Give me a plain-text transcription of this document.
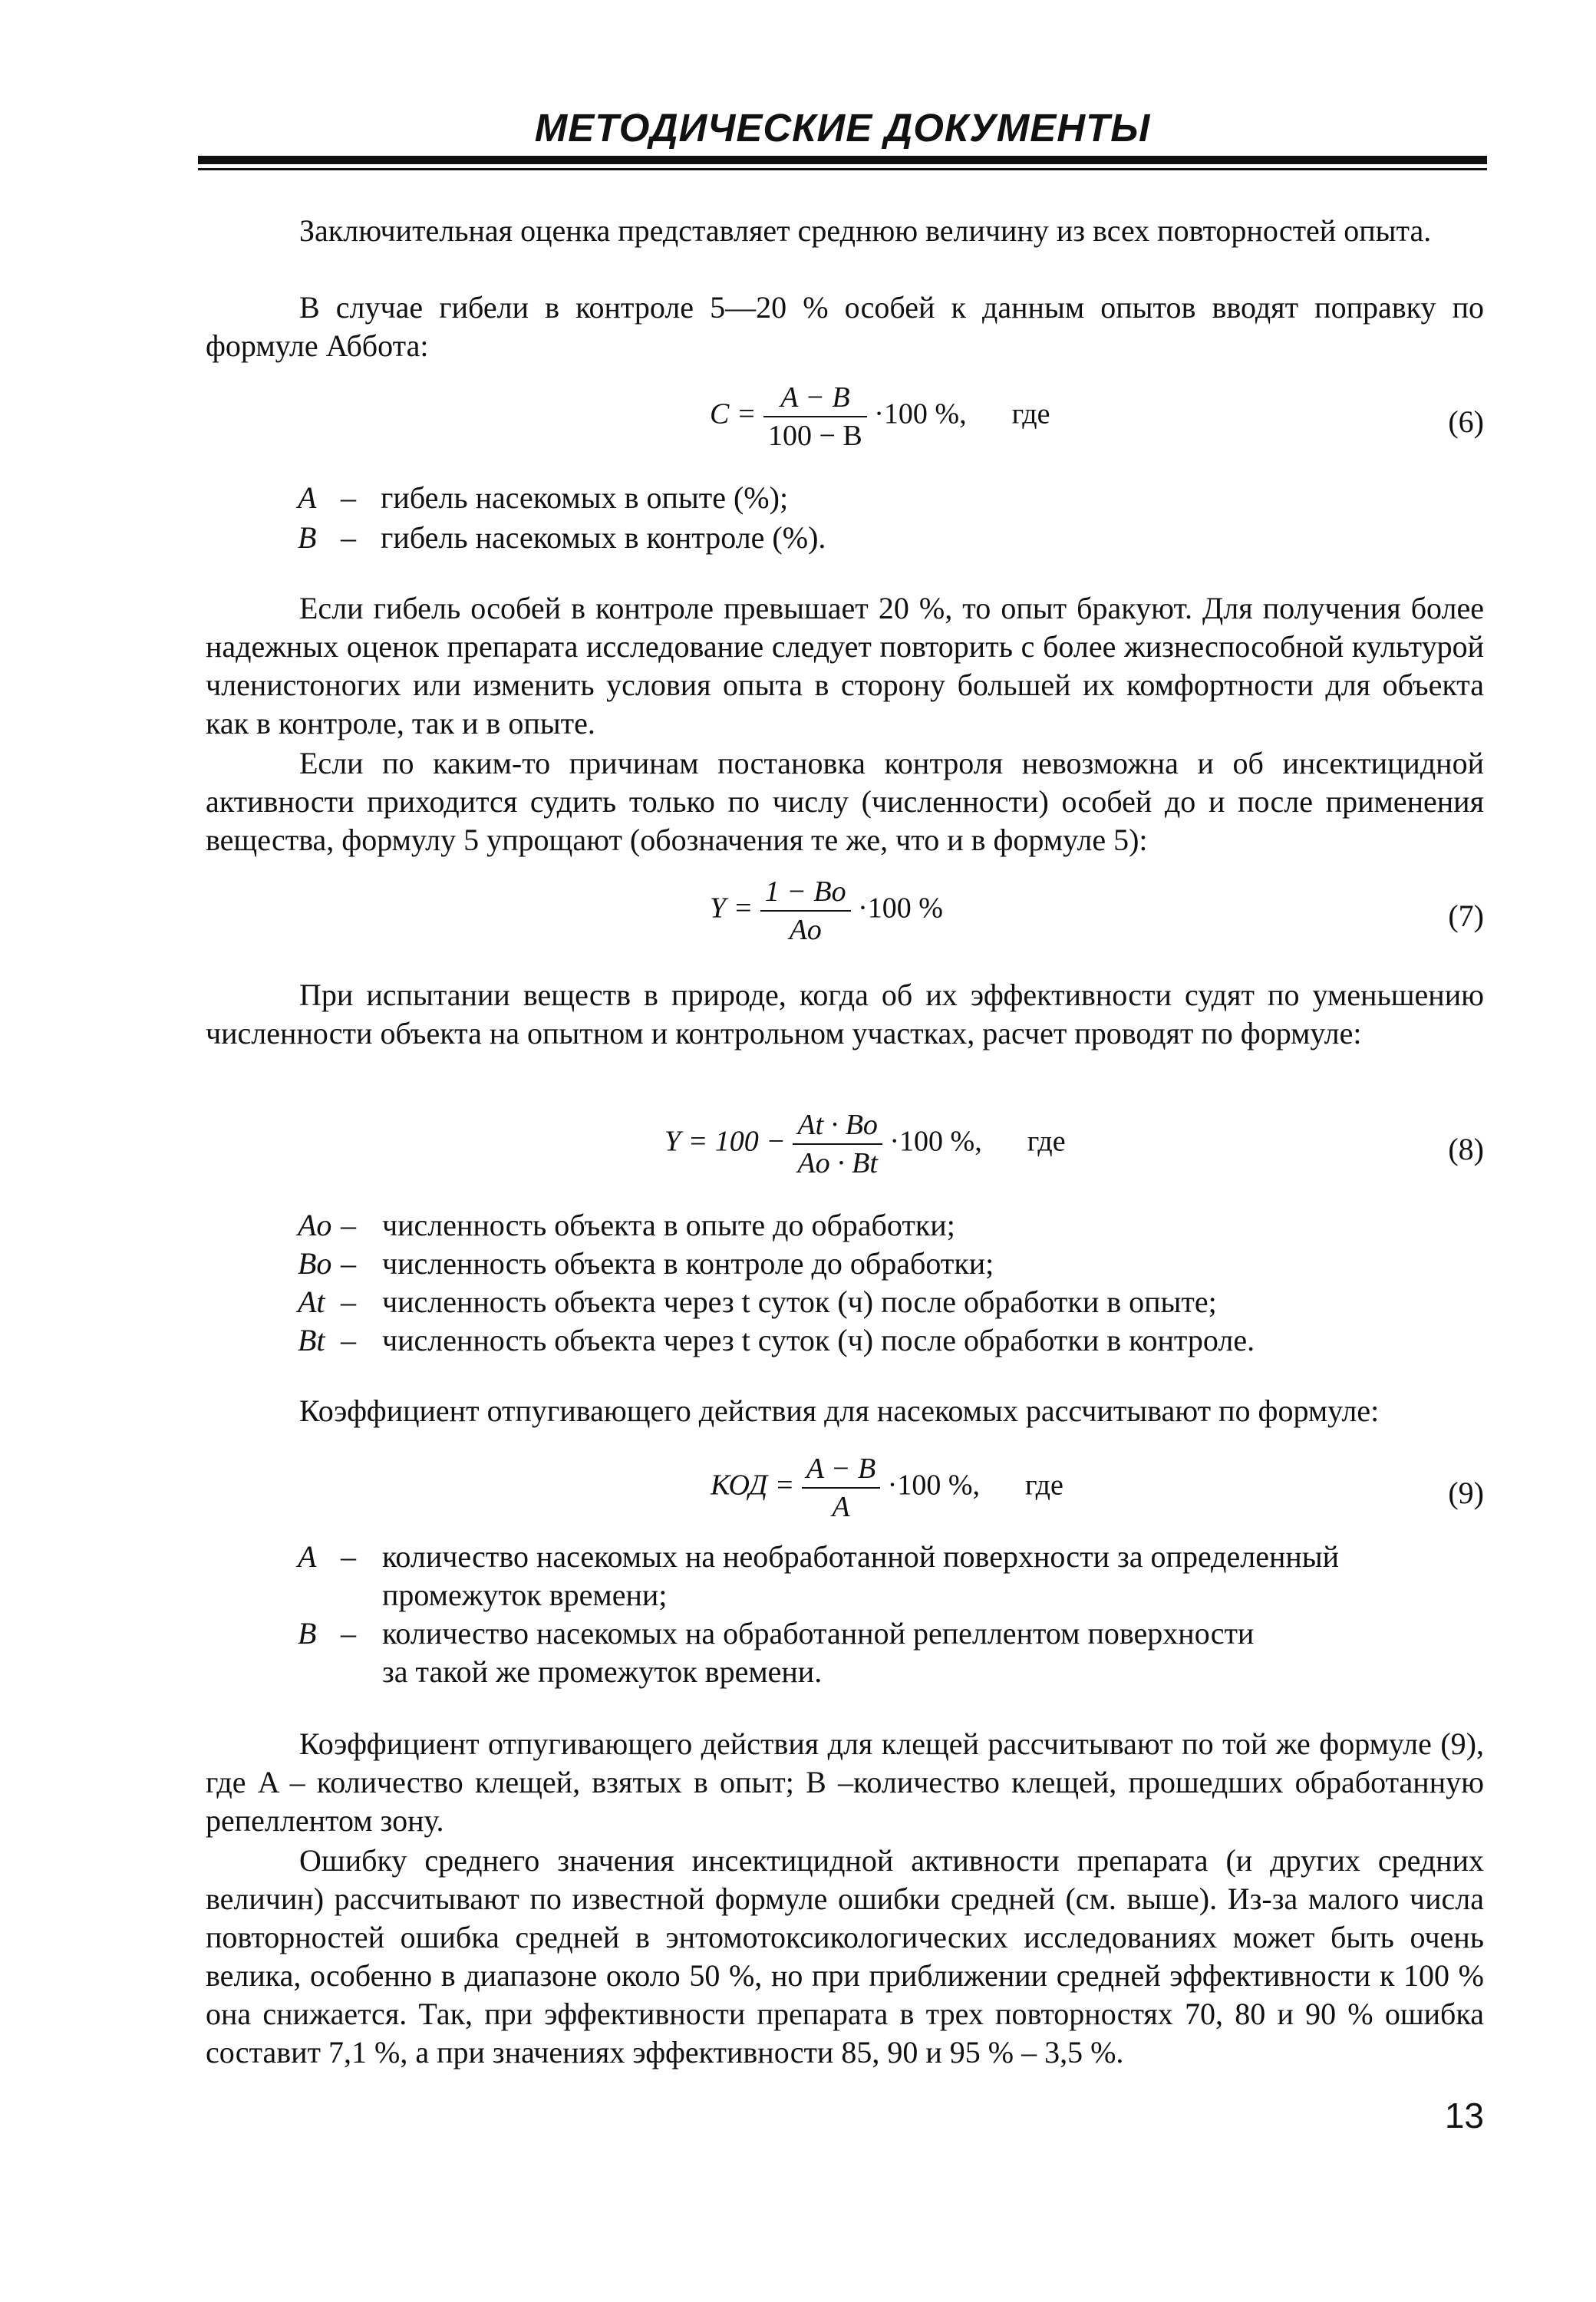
МЕТОДИЧЕСКИЕ ДОКУМЕНТЫ
Заключительная оценка представляет среднюю величину из всех повторностей опыта.
В случае гибели в контроле 5—20 % особей к данным опытов вводят поправку по формуле Аббота:
$C = \frac{A - B}{100 - B} \cdot 100$ %, где	(6)
A – гибель насекомых в опыте (%);
B – гибель насекомых в контроле (%).
Если гибель особей в контроле превышает 20 %, то опыт бракуют. Для получения более надежных оценок препарата исследование следует повторить с более жизнеспособной культурой членистоногих или изменить условия опыта в сторону большей их комфортности для объекта как в контроле, так и в опыте.
Если по каким-то причинам постановка контроля невозможна и об инсектицидной активности приходится судить только по числу (численности) особей до и после применения вещества, формулу 5 упрощают (обозначения те же, что и в формуле 5):
$Y = \frac{1 - Bo}{Ao} \cdot 100$ %	(7)
При испытании веществ в природе, когда об их эффективности судят по уменьшению численности объекта на опытном и контрольном участках, расчет проводят по формуле:
$Y = 100 - \frac{At \cdot Bo}{Ao \cdot Bt} \cdot 100$ %, где	(8)
Ao – численность объекта в опыте до обработки;
Bo – численность объекта в контроле до обработки;
At – численность объекта через t суток (ч) после обработки в опыте;
Bt – численность объекта через t суток (ч) после обработки в контроле.
Коэффициент отпугивающего действия для насекомых рассчитывают по формуле:
КОД = $\frac{A - B}{A} \cdot 100$ %, где	(9)
A – количество насекомых на необработанной поверхности за определенный
промежуток времени;
B – количество насекомых на обработанной репеллентом поверхности
за такой же промежуток времени.
Коэффициент отпугивающего действия для клещей рассчитывают по той же формуле (9), где A – количество клещей, взятых в опыт; B –количество клещей, прошедших обработанную репеллентом зону.
Ошибку среднего значения инсектицидной активности препарата (и других средних величин) рассчитывают по известной формуле ошибки средней (см. выше). Из-за малого числа повторностей ошибка средней в энтомотоксикологических исследованиях может быть очень велика, особенно в диапазоне около 50 %, но при приближении средней эффективности к 100 % она снижается. Так, при эффективности препарата в трех повторностях 70, 80 и 90 % ошибка составит 7,1 %, а при значениях эффективности 85, 90 и 95 % – 3,5 %.
13
